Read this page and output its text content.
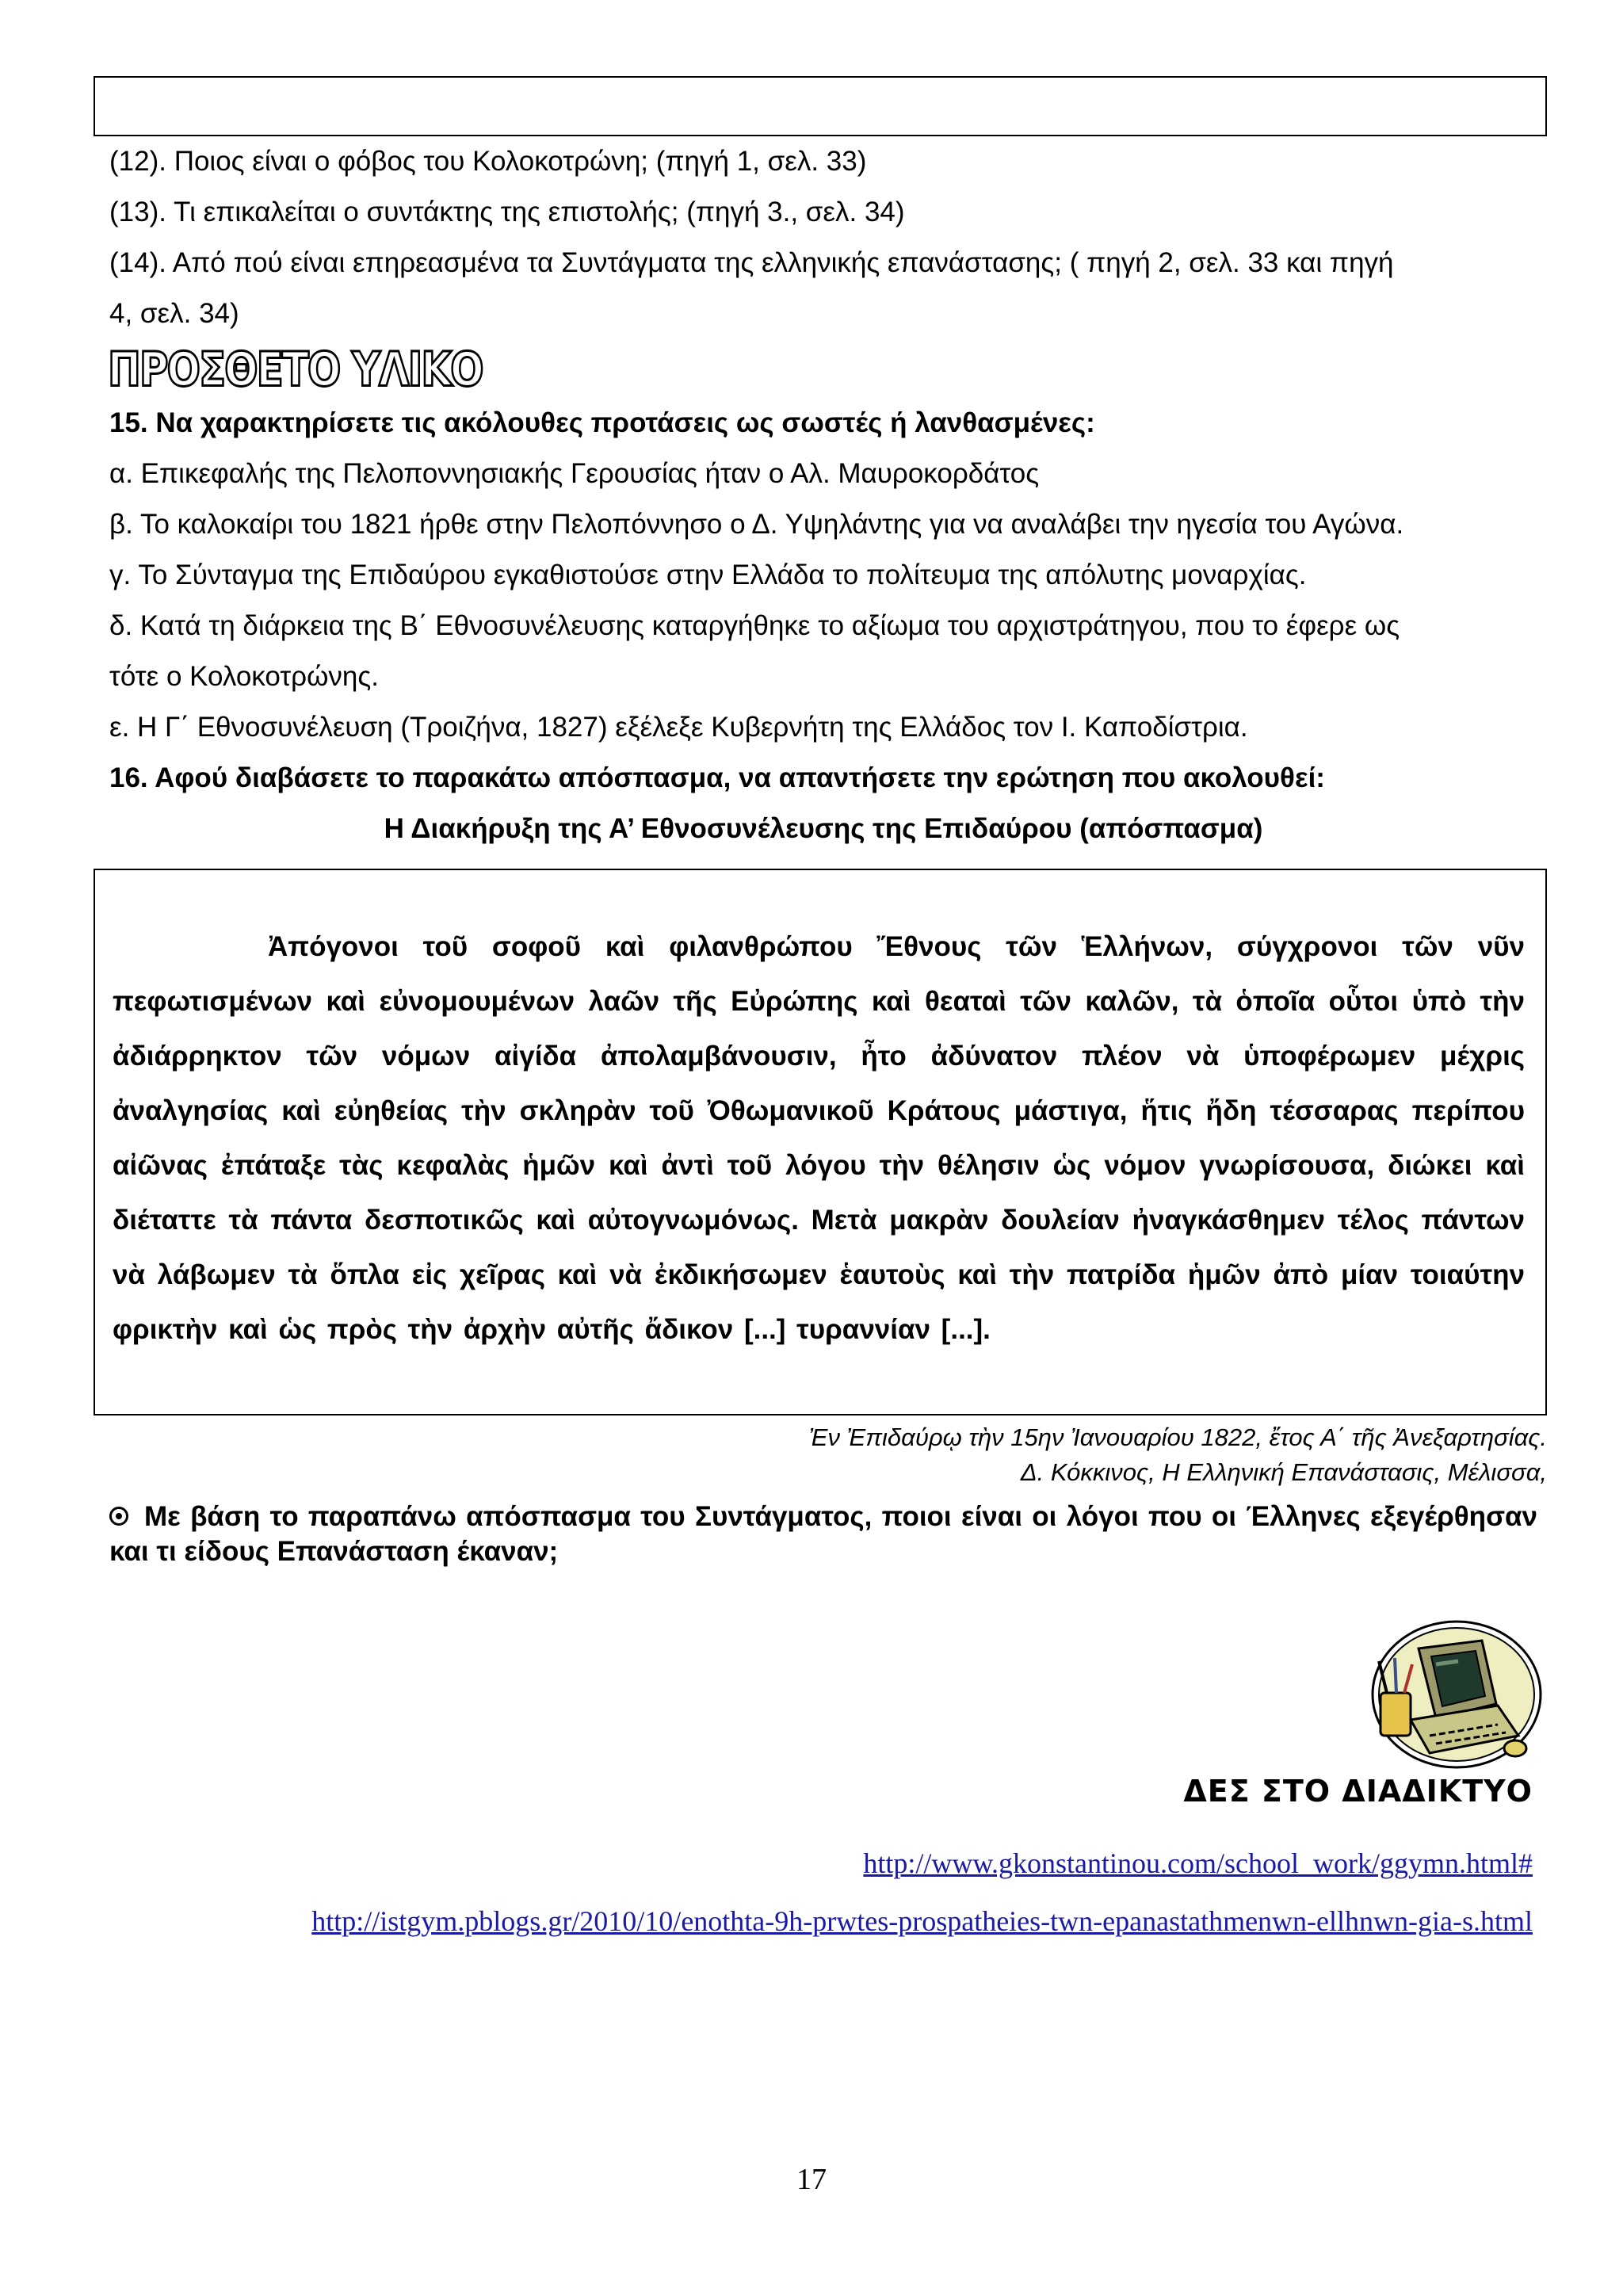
(12). Ποιος είναι ο φόβος του Κολοκοτρώνη; (πηγή 1, σελ. 33)

(13). Τι επικαλείται ο συντάκτης της επιστολής; (πηγή 3., σελ. 34)

(14). Από πού είναι επηρεασμένα τα Συντάγματα της ελληνικής επανάστασης; ( πηγή 2, σελ. 33 και πηγή

4, σελ. 34)

ΠΡΟΣΘΕΤΟ ΥΛΙΚΟ

15. Να χαρακτηρίσετε τις ακόλουθες προτάσεις ως σωστές ή λανθασμένες:

α. Επικεφαλής της Πελοποννησιακής Γερουσίας ήταν ο Αλ. Μαυροκορδάτος

β. Το καλοκαίρι του 1821 ήρθε στην Πελοπόννησο ο Δ. Υψηλάντης για να αναλάβει την ηγεσία του Αγώνα.

γ. Το Σύνταγμα της Επιδαύρου εγκαθιστούσε στην Ελλάδα το πολίτευμα της απόλυτης μοναρχίας.

δ. Κατά τη διάρκεια της Β΄ Εθνοσυνέλευσης καταργήθηκε το αξίωμα του αρχιστράτηγου, που το έφερε ως

τότε ο Κολοκοτρώνης.

ε. Η Γ΄ Εθνοσυνέλευση (Τροιζήνα, 1827) εξέλεξε Κυβερνήτη της Ελλάδος τον Ι. Καποδίστρια.

16. Αφού διαβάσετε το παρακάτω απόσπασμα, να απαντήσετε την ερώτηση που ακολουθεί:

Η Διακήρυξη της Α’ Εθνοσυνέλευσης της Επιδαύρου (απόσπασμα)

Ἀπόγονοι τοῦ σοφοῦ καὶ φιλανθρώπου Ἔθνους τῶν Ἑλλήνων, σύγχρονοι τῶν νῦν πεφωτισμένων καὶ εὐνομουμένων λαῶν τῆς Εὐρώπης καὶ θεαταὶ τῶν καλῶν, τὰ ὁποῖα οὗτοι ὑπὸ τὴν ἀδιάρρηκτον τῶν νόμων αἰγίδα ἀπολαμβάνουσιν, ἦτο ἀδύνατον πλέον νὰ ὑποφέρωμεν μέχρις ἀναλγησίας καὶ εὐηθείας τὴν σκληρὰν τοῦ Ὀθωμανικοῦ Κράτους μάστιγα, ἥτις ἤδη τέσσαρας περίπου αἰῶνας ἐπάταξε τὰς κεφαλὰς ἡμῶν καὶ ἀντὶ τοῦ λόγου τὴν θέλησιν ὡς νόμον γνωρίσουσα, διώκει καὶ διέταττε τὰ πάντα δεσποτικῶς καὶ αὐτογνωμόνως. Μετὰ μακρὰν δουλείαν ἠναγκάσθημεν τέλος πάντων νὰ λάβωμεν τὰ ὅπλα εἰς χεῖρας καὶ νὰ ἐκδικήσωμεν ἑαυτοὺς καὶ τὴν πατρίδα ἡμῶν ἀπὸ μίαν τοιαύτην φρικτὴν καὶ ὡς πρὸς τὴν ἀρχὴν αὐτῆς ἄδικον [...] τυραννίαν [...].

Ἐν Ἐπιδαύρῳ τὴν 15ην Ἰανουαρίου 1822, ἔτος Α΄ τῆς Ἀνεξαρτησίας.
Δ. Κόκκινος, Η Ελληνική Επανάστασις, Μέλισσα,
Με βάση το παραπάνω απόσπασμα του Συντάγματος, ποιοι είναι οι λόγοι που οι Έλληνες εξεγέρθησαν και τι είδους Επανάσταση έκαναν;
ΔΕΣ ΣΤΟ ΔΙΑΔΙΚΤΥΟ
http://www.gkonstantinou.com/school_work/ggymn.html#
http://istgym.pblogs.gr/2010/10/enothta-9h-prwtes-prospatheies-twn-epanastathmenwn-ellhnwn-gia-s.html
17
